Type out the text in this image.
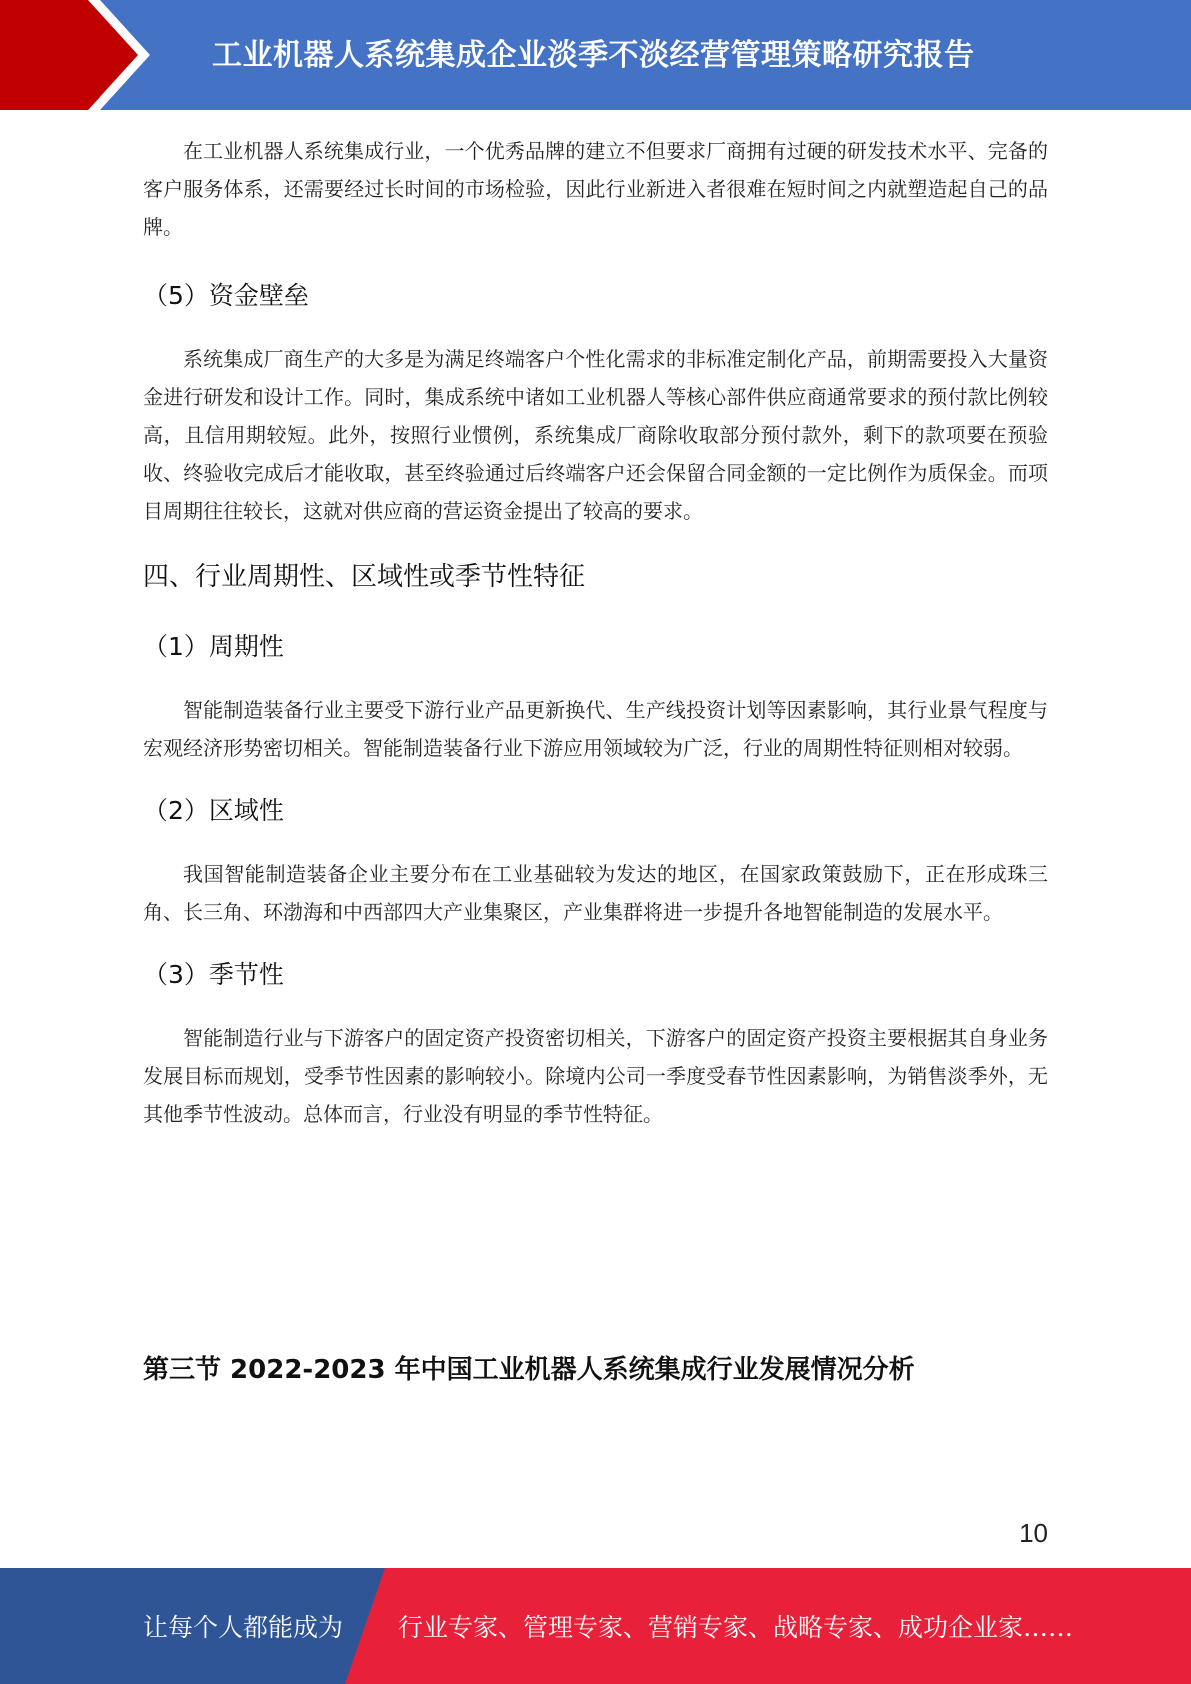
工业机器人系统集成企业淡季不淡经营管理策略研究报告

在工业机器人系统集成行业，一个优秀品牌的建立不但要求厂商拥有过硬的研发技术水平、完备的客户服务体系，还需要经过长时间的市场检验，因此行业新进入者很难在短时间之内就塑造起自己的品牌。

（5）资金壁垒

系统集成厂商生产的大多是为满足终端客户个性化需求的非标准定制化产品，前期需要投入大量资金进行研发和设计工作。同时，集成系统中诸如工业机器人等核心部件供应商通常要求的预付款比例较高，且信用期较短。此外，按照行业惯例，系统集成厂商除收取部分预付款外，剩下的款项要在预验收、终验收完成后才能收取，甚至终验通过后终端客户还会保留合同金额的一定比例作为质保金。而项目周期往往较长，这就对供应商的营运资金提出了较高的要求。

四、行业周期性、区域性或季节性特征
（1）周期性

智能制造装备行业主要受下游行业产品更新换代、生产线投资计划等因素影响，其行业景气程度与宏观经济形势密切相关。智能制造装备行业下游应用领域较为广泛，行业的周期性特征则相对较弱。

（2）区域性

我国智能制造装备企业主要分布在工业基础较为发达的地区，在国家政策鼓励下，正在形成珠三角、长三角、环渤海和中西部四大产业集聚区，产业集群将进一步提升各地智能制造的发展水平。

（3）季节性

智能制造行业与下游客户的固定资产投资密切相关，下游客户的固定资产投资主要根据其自身业务发展目标而规划，受季节性因素的影响较小。除境内公司一季度受春节性因素影响，为销售淡季外，无其他季节性波动。总体而言，行业没有明显的季节性特征。

第三节 2022-2023 年中国工业机器人系统集成行业发展情况分析
10
让每个人都能成为 行业专家、管理专家、营销专家、战略专家、成功企业家……
